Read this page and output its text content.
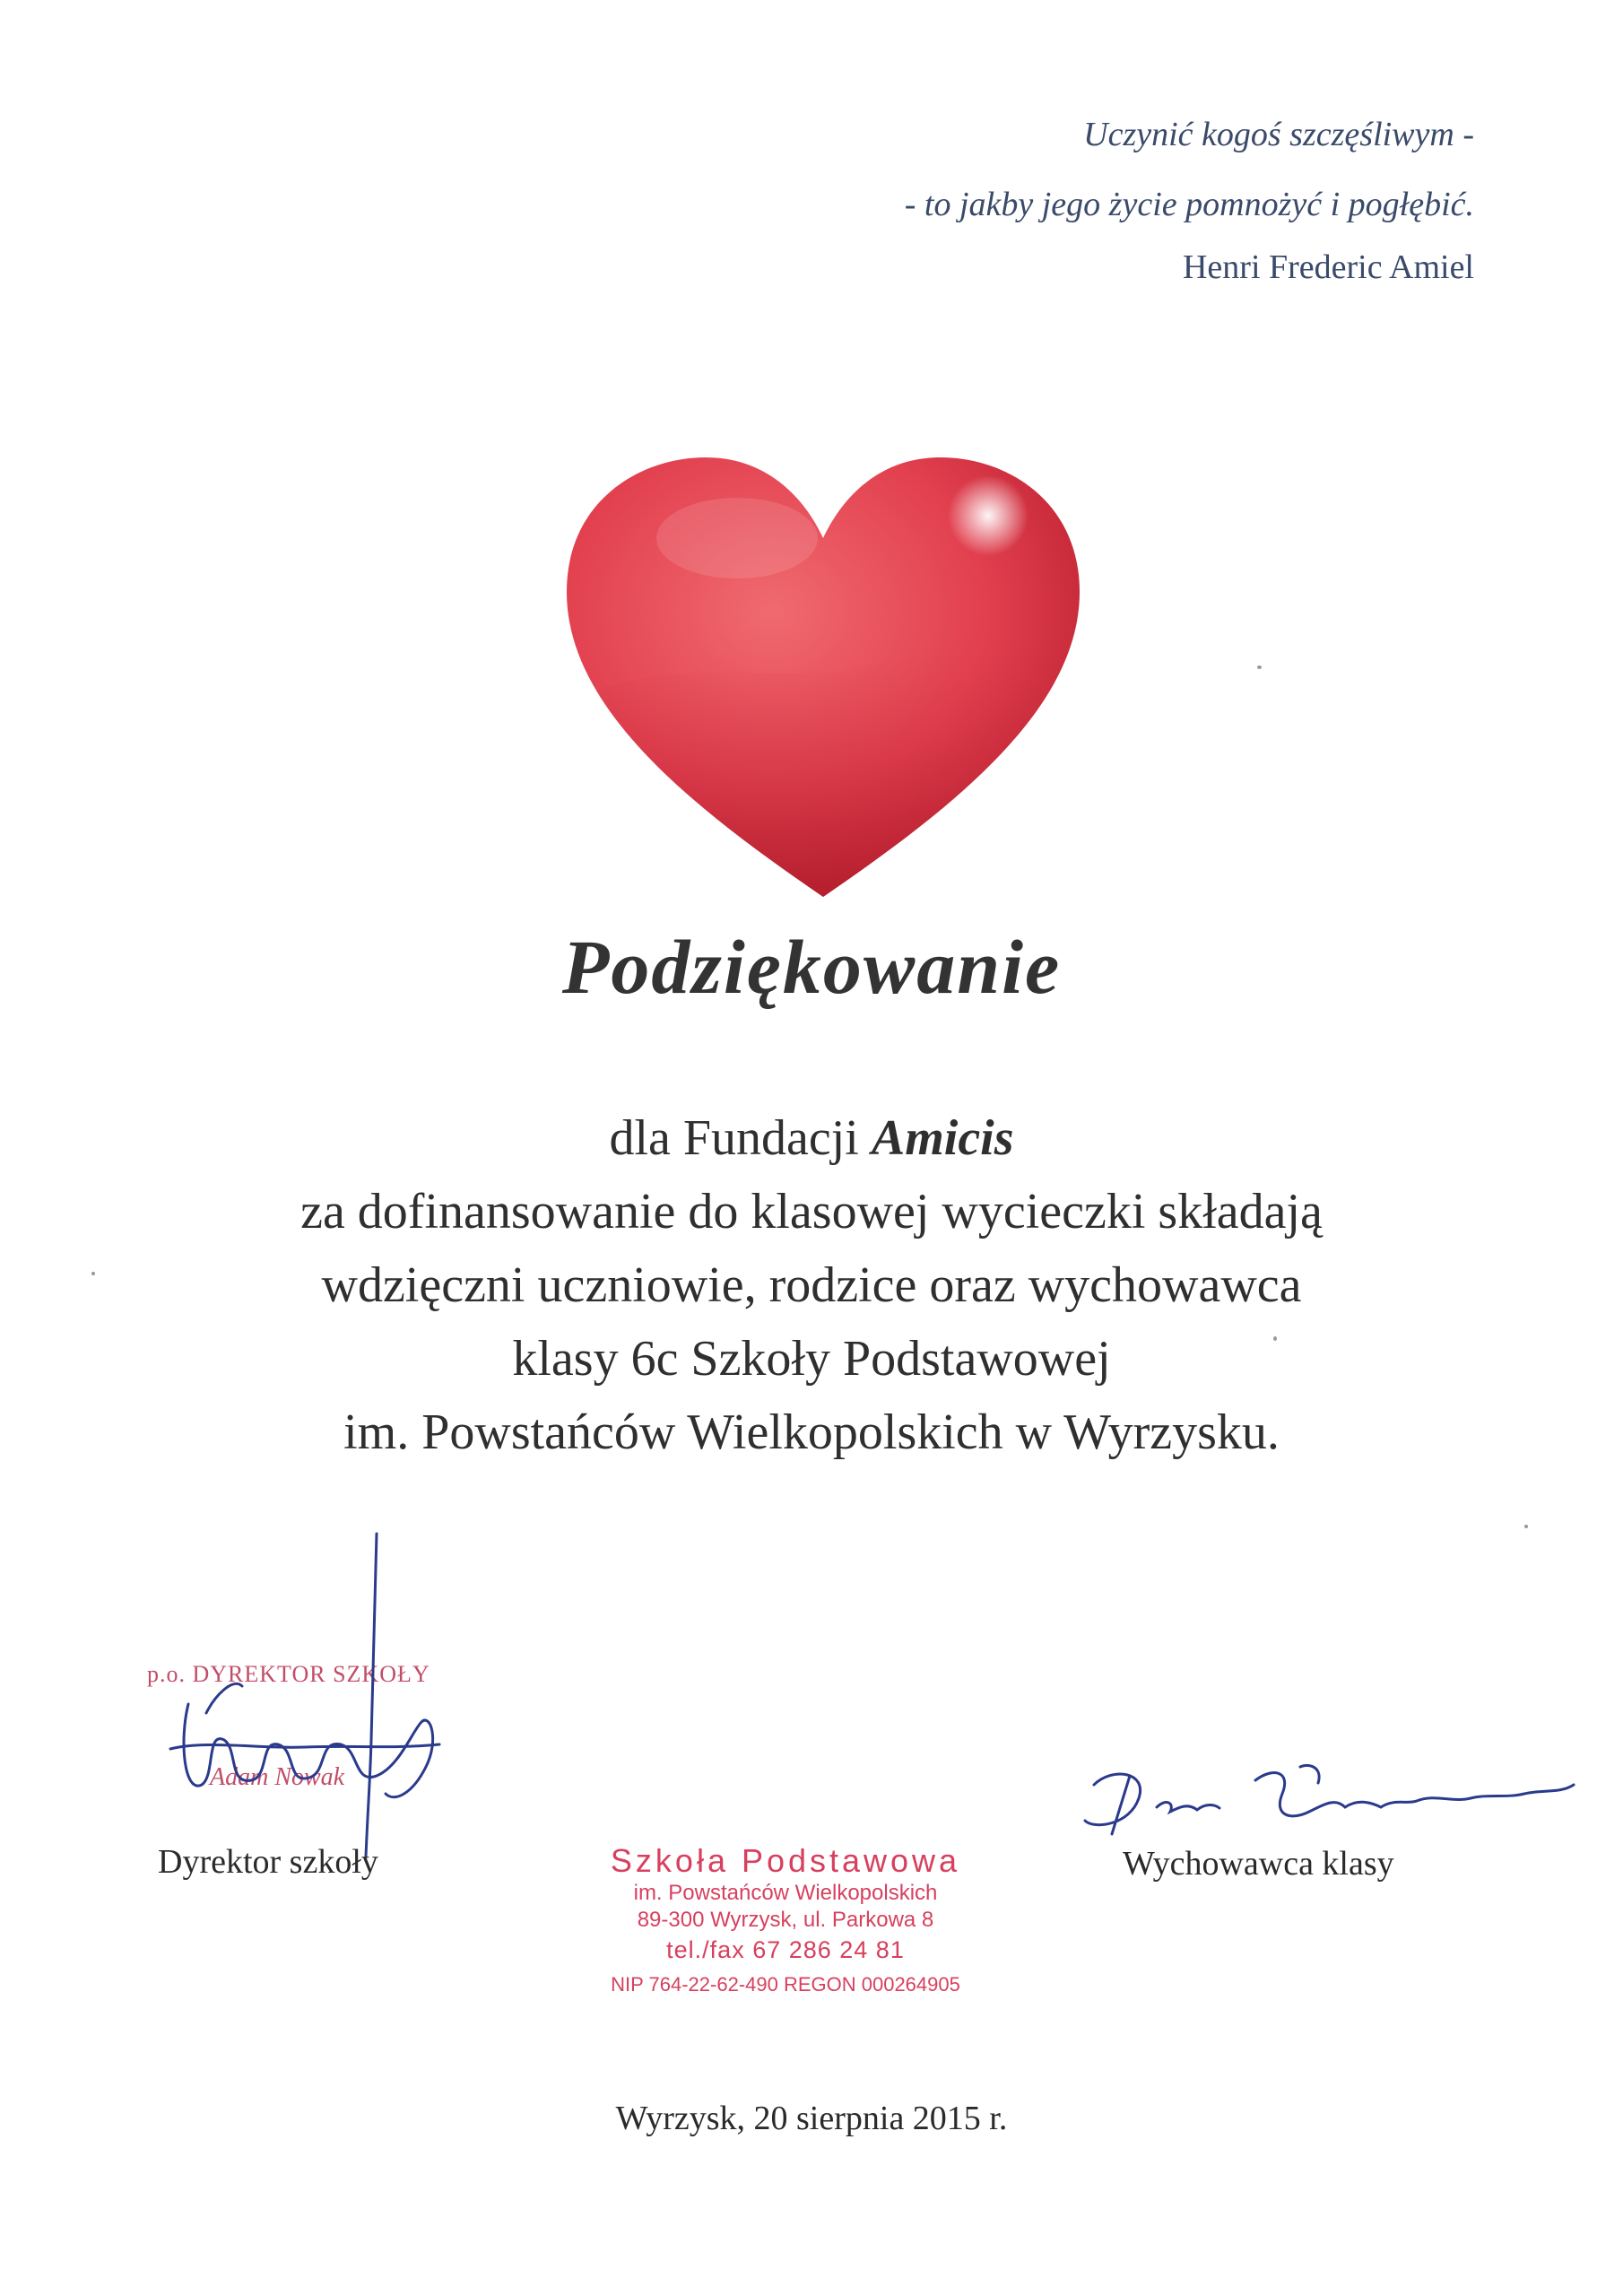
Uczynić kogoś szczęśliwym -
- to jakby jego życie pomnożyć i pogłębić.
Henri Frederic Amiel
Podziękowanie
dla Fundacji Amicis
za dofinansowanie do klasowej wycieczki składają
wdzięczni uczniowie, rodzice oraz wychowawca
klasy 6c Szkoły Podstawowej
im. Powstańców Wielkopolskich w Wyrzysku.
p.o. DYREKTOR SZKOŁY
Adam Nowak
Dyrektor szkoły	Szkoła Podstawowa
im. Powstańców Wielkopolskich
89-300 Wyrzysk, ul. Parkowa 8
tel./fax 67 286 24 81
NIP 764-22-62-490 REGON 000264905
Wychowawca klasy
Wyrzysk, 20 sierpnia 2015 r.
